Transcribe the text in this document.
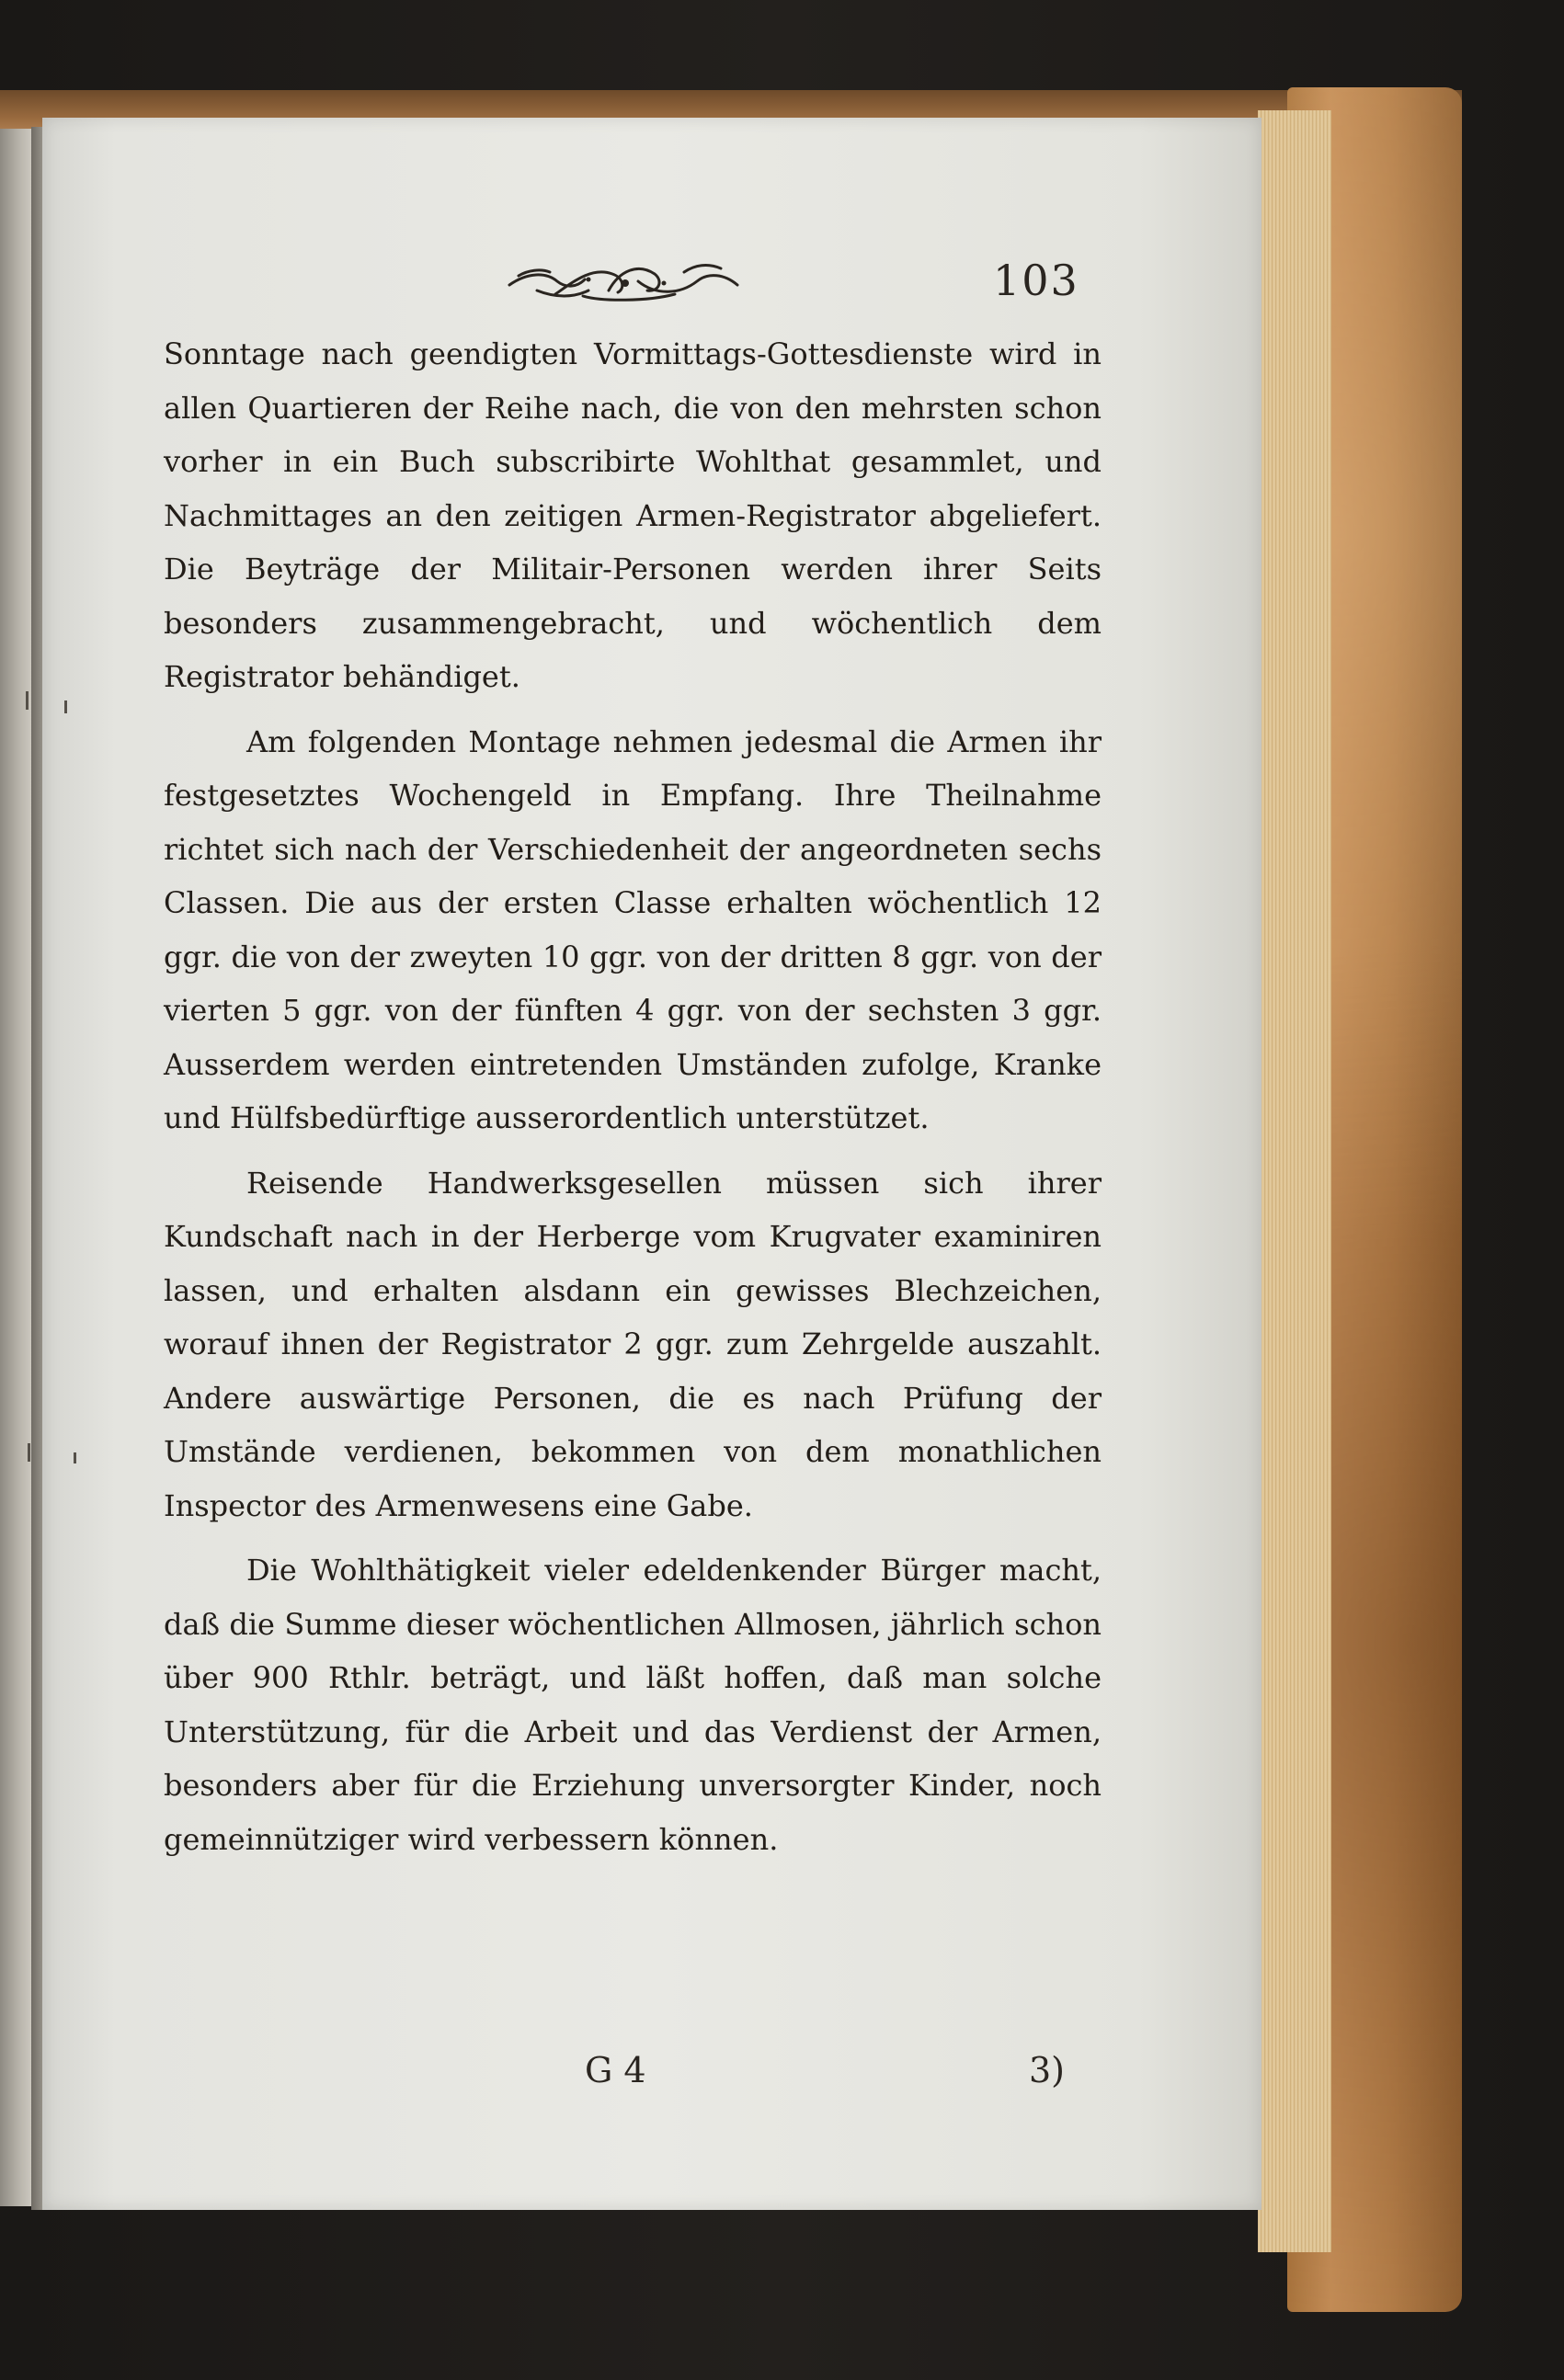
103

Sonntage nach geendigten Vormittags-Gottesdienste wird in allen Quartieren der Reihe nach, die von den mehrsten schon vorher in ein Buch subscribirte Wohlthat gesammlet, und Nachmittages an den zeitigen Armen-Registrator abgeliefert. Die Beyträge der Militair-Personen werden ihrer Seits besonders zusammengebracht, und wöchentlich dem Registrator behändiget.

Am folgenden Montage nehmen jedesmal die Armen ihr festgesetztes Wochengeld in Empfang. Ihre Theilnahme richtet sich nach der Verschiedenheit der angeordneten sechs Classen. Die aus der ersten Classe erhalten wöchentlich 12 ggr. die von der zweyten 10 ggr. von der dritten 8 ggr. von der vierten 5 ggr. von der fünften 4 ggr. von der sechsten 3 ggr. Ausserdem werden eintretenden Umständen zufolge, Kranke und Hülfsbedürftige ausserordentlich unterstützet.

Reisende Handwerksgesellen müssen sich ihrer Kundschaft nach in der Herberge vom Krugvater examiniren lassen, und erhalten alsdann ein gewisses Blechzeichen, worauf ihnen der Registrator 2 ggr. zum Zehrgelde auszahlt. Andere auswärtige Personen, die es nach Prüfung der Umstände verdienen, bekommen von dem monathlichen Inspector des Armenwesens eine Gabe.

Die Wohlthätigkeit vieler edeldenkender Bürger macht, daß die Summe dieser wöchentlichen Allmosen, jährlich schon über 900 Rthlr. beträgt, und läßt hoffen, daß man solche Unterstützung, für die Arbeit und das Verdienst der Armen, besonders aber für die Erziehung unversorgter Kinder, noch gemeinnütziger wird verbessern können.

G 4	3)
